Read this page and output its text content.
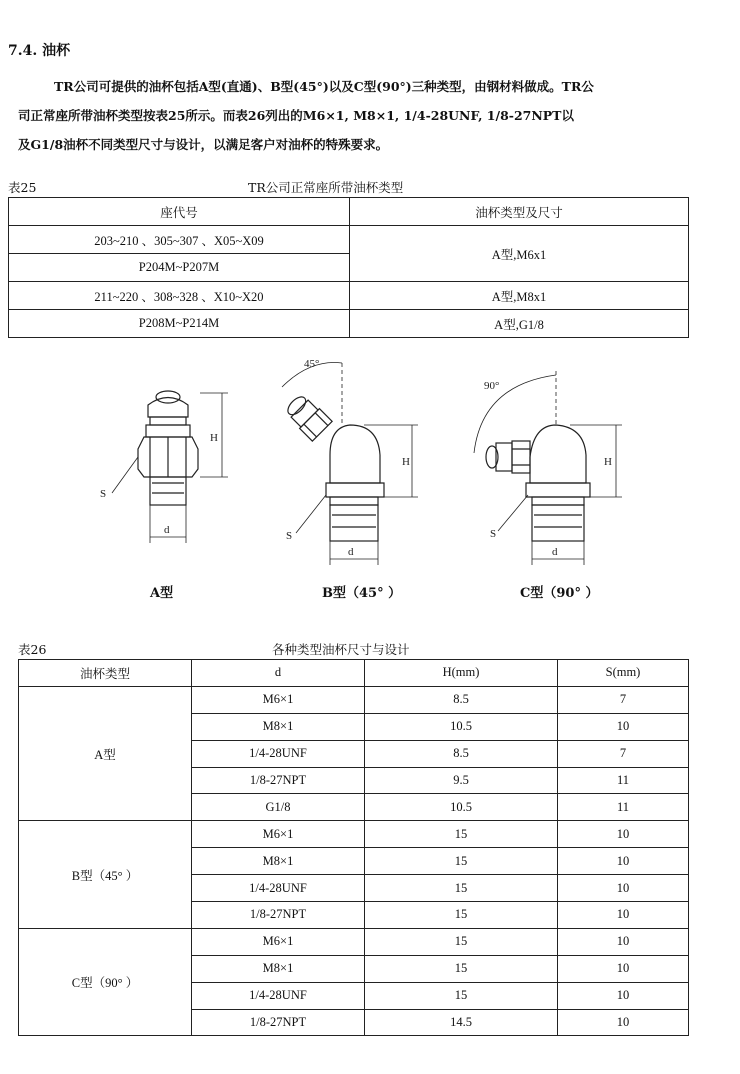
7.4. 油杯
TR公司可提供的油杯包括A型(直通)、B型(45°)以及C型(90°)三种类型，由钢材料做成。TR公
司正常座所带油杯类型按表25所示。而表26列出的M6×1, M8×1, 1/4-28UNF, 1/8-27NPT以
及G1/8油杯不同类型尺寸与设计，以满足客户对油杯的特殊要求。
表25	TR公司正常座所带油杯类型
座代号	油杯类型及尺寸
203~210 、305~307 、X05~X09	A型,M6x1
P204M~P207M	
211~220 、308~328 、X10~X20	A型,M8x1
P208M~P214M	A型,G1/8
H
S
d
45°
H
S
d
90°
H
S
d
A型	B型（45° ）	C型（90° ）
表26	各种类型油杯尺寸与设计
油杯类型	d	H(mm)	S(mm)
A型	M6×1	8.5	7
	M8×1	10.5	10
	1/4-28UNF	8.5	7
	1/8-27NPT	9.5	11
	G1/8	10.5	11
B型（45° ）	M6×1	15	10
	M8×1	15	10
	1/4-28UNF	15	10
	1/8-27NPT	15	10
C型（90° ）	M6×1	15	10
	M8×1	15	10
	1/4-28UNF	15	10
	1/8-27NPT	14.5	10
